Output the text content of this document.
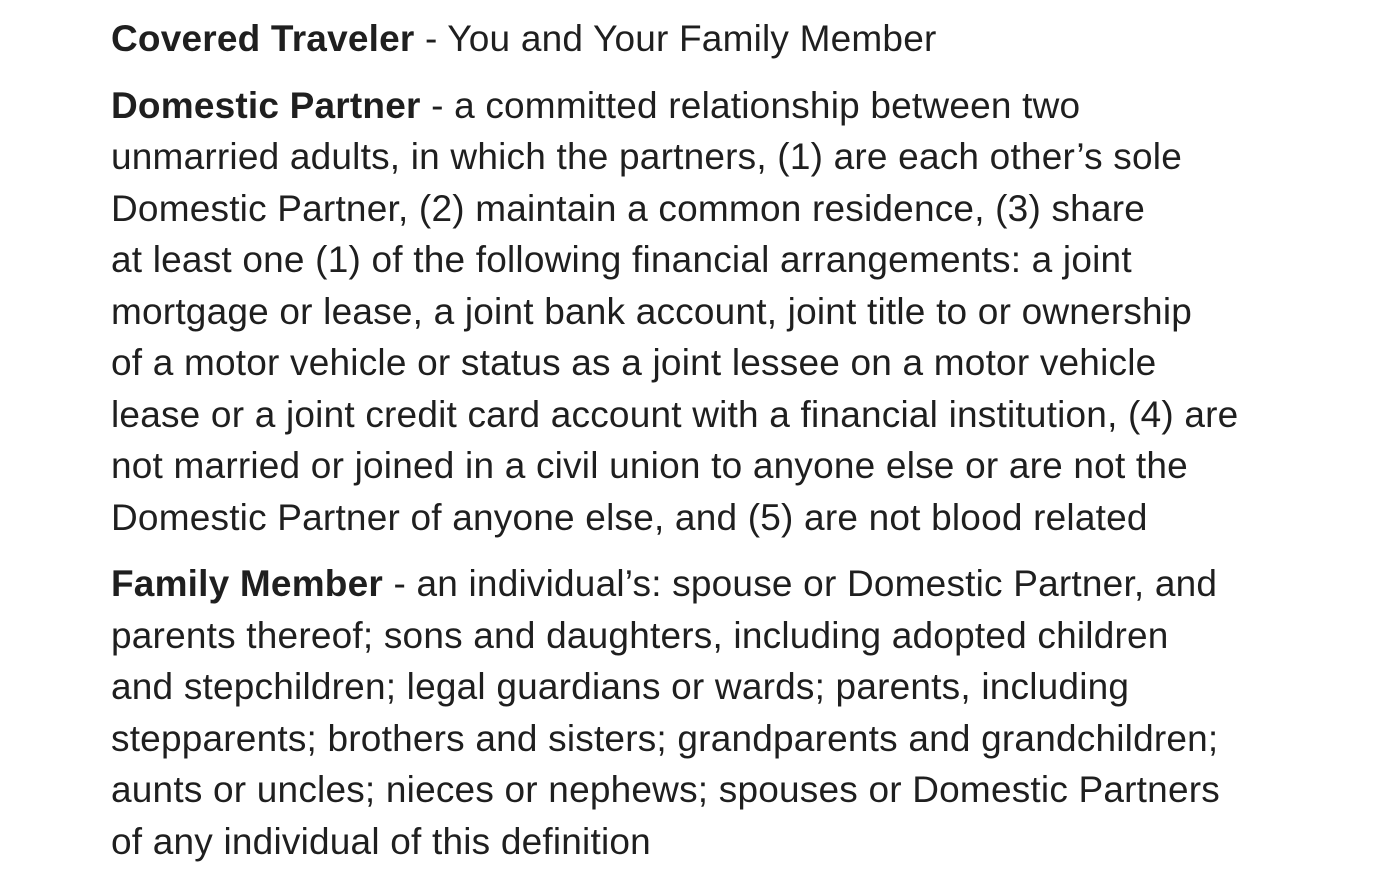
Covered Traveler - You and Your Family Member
Domestic Partner - a committed relationship between two
unmarried adults, in which the partners, (1) are each other’s sole
Domestic Partner, (2) maintain a common residence, (3) share
at least one (1) of the following financial arrangements: a joint
mortgage or lease, a joint bank account, joint title to or ownership
of a motor vehicle or status as a joint lessee on a motor vehicle
lease or a joint credit card account with a financial institution, (4) are
not married or joined in a civil union to anyone else or are not the
Domestic Partner of anyone else, and (5) are not blood related
Family Member - an individual’s: spouse or Domestic Partner, and
parents thereof; sons and daughters, including adopted children
and stepchildren; legal guardians or wards; parents, including
stepparents; brothers and sisters; grandparents and grandchildren;
aunts or uncles; nieces or nephews; spouses or Domestic Partners
of any individual of this definition
